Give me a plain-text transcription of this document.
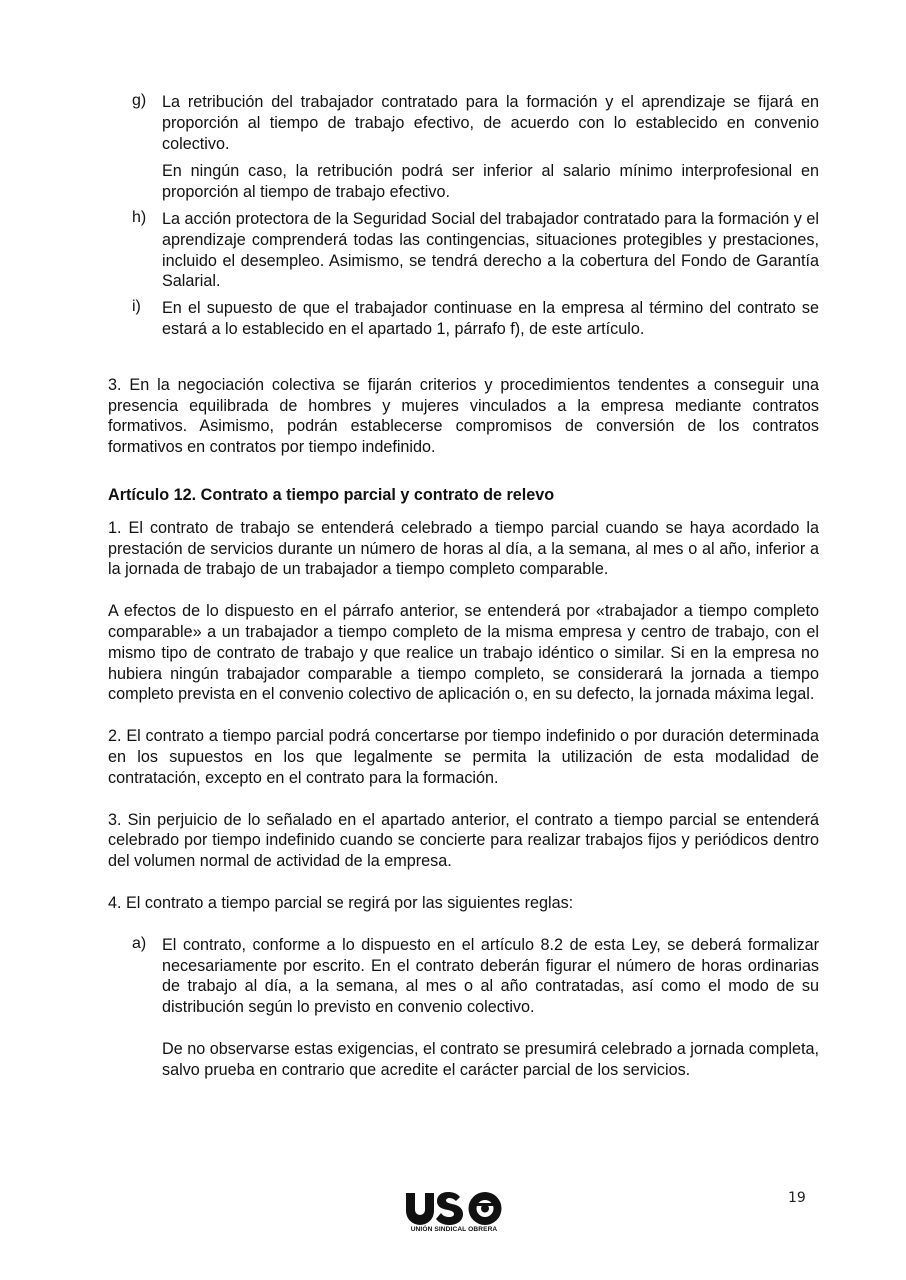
g) La retribución del trabajador contratado para la formación y el aprendizaje se fijará en proporción al tiempo de trabajo efectivo, de acuerdo con lo establecido en convenio colectivo.

En ningún caso, la retribución podrá ser inferior al salario mínimo interprofesional en proporción al tiempo de trabajo efectivo.

h) La acción protectora de la Seguridad Social del trabajador contratado para la formación y el aprendizaje comprenderá todas las contingencias, situaciones protegibles y prestaciones, incluido el desempleo. Asimismo, se tendrá derecho a la cobertura del Fondo de Garantía Salarial.

i) En el supuesto de que el trabajador continuase en la empresa al término del contrato se estará a lo establecido en el apartado 1, párrafo f), de este artículo.

3. En la negociación colectiva se fijarán criterios y procedimientos tendentes a conseguir una presencia equilibrada de hombres y mujeres vinculados a la empresa mediante contratos formativos. Asimismo, podrán establecerse compromisos de conversión de los contratos formativos en contratos por tiempo indefinido.

Artículo 12. Contrato a tiempo parcial y contrato de relevo

1. El contrato de trabajo se entenderá celebrado a tiempo parcial cuando se haya acordado la prestación de servicios durante un número de horas al día, a la semana, al mes o al año, inferior a la jornada de trabajo de un trabajador a tiempo completo comparable.

A efectos de lo dispuesto en el párrafo anterior, se entenderá por «trabajador a tiempo completo comparable» a un trabajador a tiempo completo de la misma empresa y centro de trabajo, con el mismo tipo de contrato de trabajo y que realice un trabajo idéntico o similar. Si en la empresa no hubiera ningún trabajador comparable a tiempo completo, se considerará la jornada a tiempo completo prevista en el convenio colectivo de aplicación o, en su defecto, la jornada máxima legal.

2. El contrato a tiempo parcial podrá concertarse por tiempo indefinido o por duración determinada en los supuestos en los que legalmente se permita la utilización de esta modalidad de contratación, excepto en el contrato para la formación.

3. Sin perjuicio de lo señalado en el apartado anterior, el contrato a tiempo parcial se entenderá celebrado por tiempo indefinido cuando se concierte para realizar trabajos fijos y periódicos dentro del volumen normal de actividad de la empresa.

4. El contrato a tiempo parcial se regirá por las siguientes reglas:

a) El contrato, conforme a lo dispuesto en el artículo 8.2 de esta Ley, se deberá formalizar necesariamente por escrito. En el contrato deberán figurar el número de horas ordinarias de trabajo al día, a la semana, al mes o al año contratadas, así como el modo de su distribución según lo previsto en convenio colectivo.

De no observarse estas exigencias, el contrato se presumirá celebrado a jornada completa, salvo prueba en contrario que acredite el carácter parcial de los servicios.

19
UNIÓN SINDICAL OBRERA
